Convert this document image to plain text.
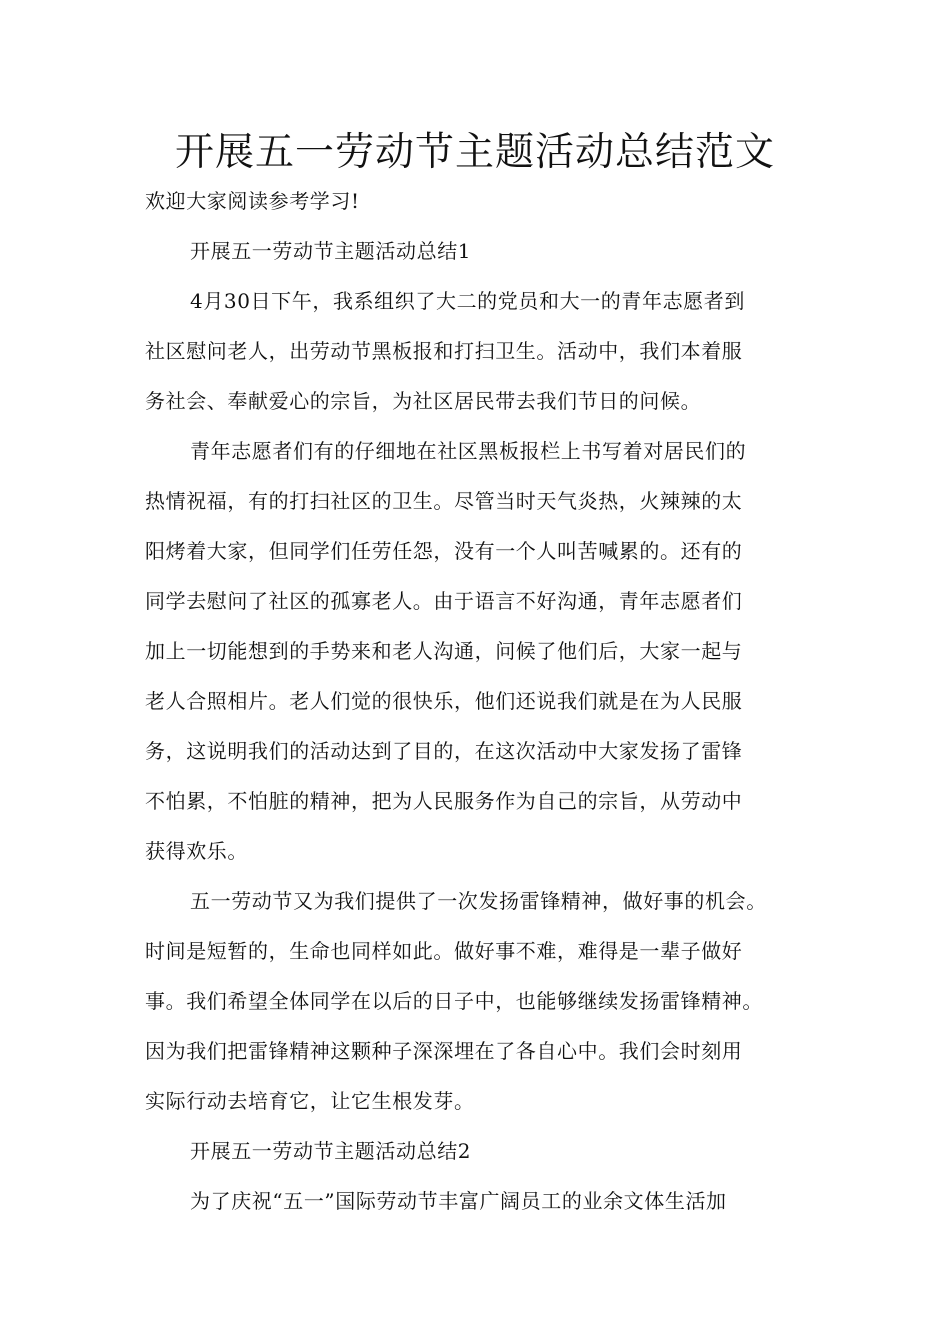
开展五一劳动节主题活动总结范文

欢迎大家阅读参考学习!

开展五一劳动节主题活动总结1

4月30日下午，我系组织了大二的党员和大一的青年志愿者到

社区慰问老人，出劳动节黑板报和打扫卫生。活动中，我们本着服

务社会、奉献爱心的宗旨，为社区居民带去我们节日的问候。

青年志愿者们有的仔细地在社区黑板报栏上书写着对居民们的

热情祝福，有的打扫社区的卫生。尽管当时天气炎热，火辣辣的太

阳烤着大家，但同学们任劳任怨，没有一个人叫苦喊累的。还有的

同学去慰问了社区的孤寡老人。由于语言不好沟通，青年志愿者们

加上一切能想到的手势来和老人沟通，问候了他们后，大家一起与

老人合照相片。老人们觉的很快乐，他们还说我们就是在为人民服

务，这说明我们的活动达到了目的，在这次活动中大家发扬了雷锋

不怕累，不怕脏的精神，把为人民服务作为自己的宗旨，从劳动中

获得欢乐。

五一劳动节又为我们提供了一次发扬雷锋精神，做好事的机会。

时间是短暂的，生命也同样如此。做好事不难，难得是一辈子做好

事。我们希望全体同学在以后的日子中，也能够继续发扬雷锋精神。

因为我们把雷锋精神这颗种子深深埋在了各自心中。我们会时刻用

实际行动去培育它，让它生根发芽。

开展五一劳动节主题活动总结2

为了庆祝“五一”国际劳动节丰富广阔员工的业余文体生活加
